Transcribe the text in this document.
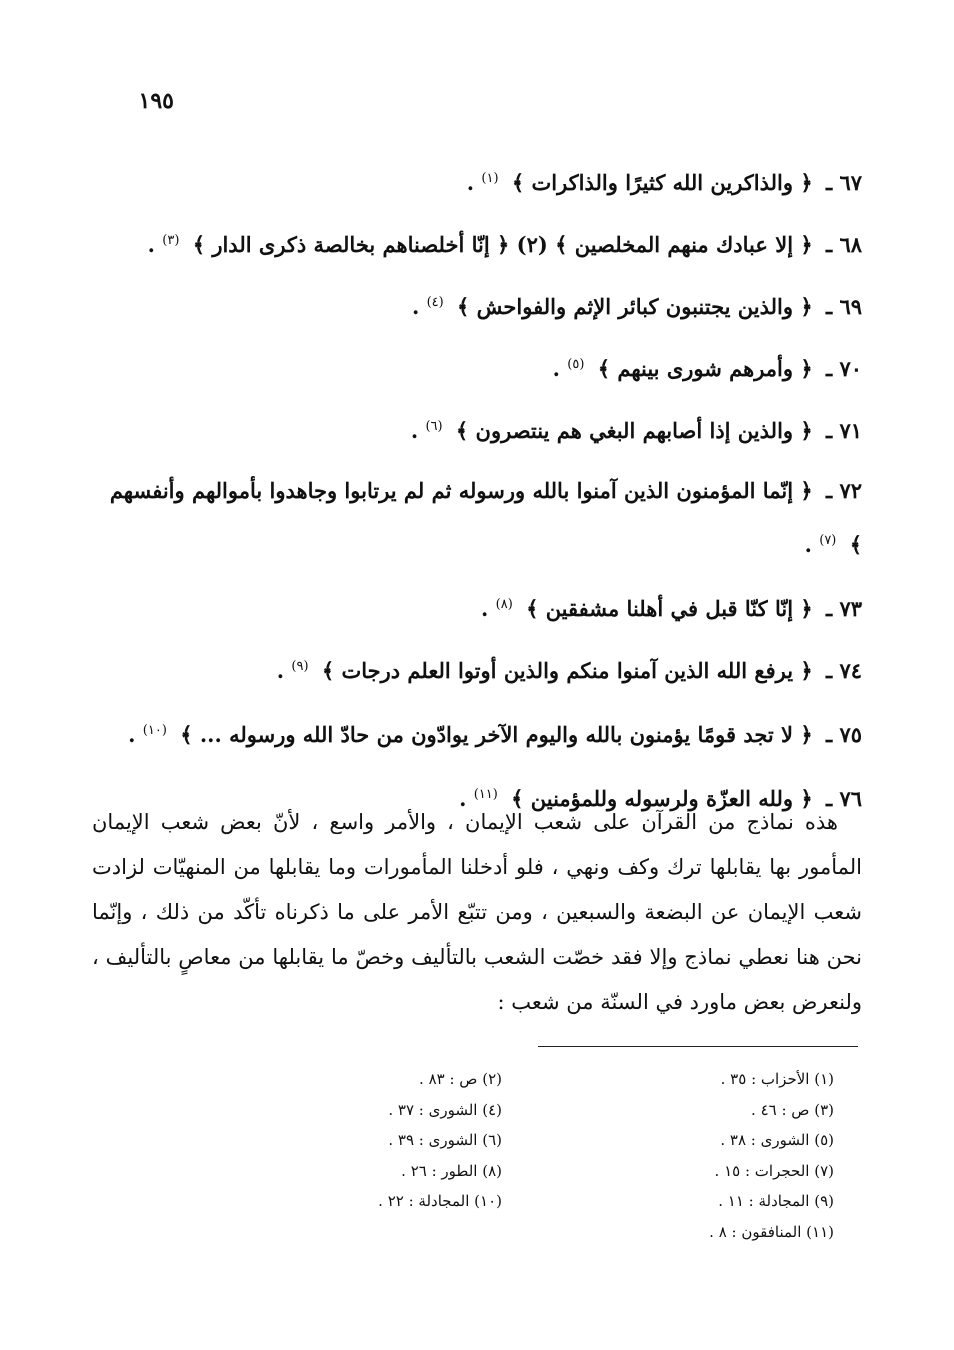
١٩٥
٦٧ ـ ﴿ والذاكرين الله كثيرًا والذاكرات ﴾ $^{(١)}$ .
٦٨ ـ ﴿ إلا عبادك منهم المخلصين ﴾ (٢) ﴿ إنّا أخلصناهم بخالصة ذكرى الدار ﴾ $^{(٣)}$ .
٦٩ ـ ﴿ والذين يجتنبون كبائر الإثم والفواحش ﴾ $^{(٤)}$ .
٧٠ ـ ﴿ وأمرهم شورى بينهم ﴾ $^{(٥)}$ .
٧١ ـ ﴿ والذين إذا أصابهم البغي هم ينتصرون ﴾ $^{(٦)}$ .
٧٢ ـ ﴿ إنّما المؤمنون الذين آمنوا بالله ورسوله ثم لم يرتابوا وجاهدوا بأموالهم وأنفسهم ﴾ $^{(٧)}$ .
٧٣ ـ ﴿ إنّا كنّا قبل في أهلنا مشفقين ﴾ $^{(٨)}$ .
٧٤ ـ ﴿ يرفع الله الذين آمنوا منكم والذين أوتوا العلم درجات ﴾ $^{(٩)}$ .
٧٥ ـ ﴿ لا تجد قومًا يؤمنون بالله واليوم الآخر يوادّون من حادّ الله ورسوله ... ﴾ $^{(١٠)}$ .
٧٦ ـ ﴿ ولله العزّة ولرسوله وللمؤمنين ﴾ $^{(١١)}$ .

هذه نماذج من القرآن على شعب الإيمان ، والأمر واسع ، لأنّ بعض شعب الإيمان المأمور بها يقابلها ترك وكف ونهي ، فلو أدخلنا المأمورات وما يقابلها من المنهيّات لزادت شعب الإيمان عن البضعة والسبعين ، ومن تتبّع الأمر على ما ذكرناه تأكّد من ذلك ، وإنّما نحن هنا نعطي نماذج وإلا فقد خصّت الشعب بالتأليف وخصّ ما يقابلها من معاصٍ بالتأليف ، ولنعرض بعض ماورد في السنّة من شعب :

(١) الأحزاب : ٣٥ .
(٣) ص : ٤٦ .
(٥) الشورى : ٣٨ .
(٧) الحجرات : ١٥ .
(٩) المجادلة : ١١ .
(١١) المنافقون : ٨ .
(٢) ص : ٨٣ .
(٤) الشورى : ٣٧ .
(٦) الشورى : ٣٩ .
(٨) الطور : ٢٦ .
(١٠) المجادلة : ٢٢ .
